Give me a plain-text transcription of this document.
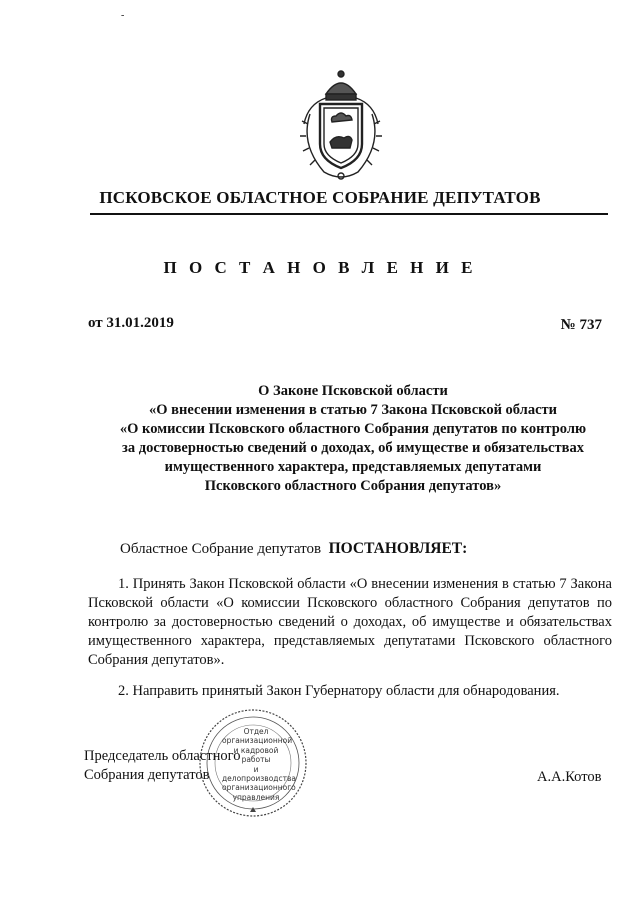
-
ПСКОВСКОЕ ОБЛАСТНОЕ СОБРАНИЕ ДЕПУТАТОВ
П О С Т А Н О В Л Е Н И Е
от 31.01.2019	№ 737
О Законе Псковской области
«О внесении изменения в статью 7 Закона Псковской области
«О комиссии Псковского областного Собрания депутатов по контролю
за достоверностью сведений о доходах, об имуществе и обязательствах
имущественного характера, представляемых депутатами
Псковского областного Собрания депутатов»
Областное Собрание депутатов ПОСТАНОВЛЯЕТ:
1. Принять Закон Псковской области «О внесении изменения в статью 7 Закона Псковской области «О комиссии Псковского областного Собрания депутатов по контролю за достоверностью сведений о доходах, об имуществе и обязательствах имущественного характера, представляемых депутатами Псковского областного Собрания депутатов».
2. Направить принятый Закон Губернатору области для обнародования.
Отдел
организационной
и кадровой
работы
и делопроизводства
организационного
управления
Председатель областного
Собрания депутатов	А.А.Котов
